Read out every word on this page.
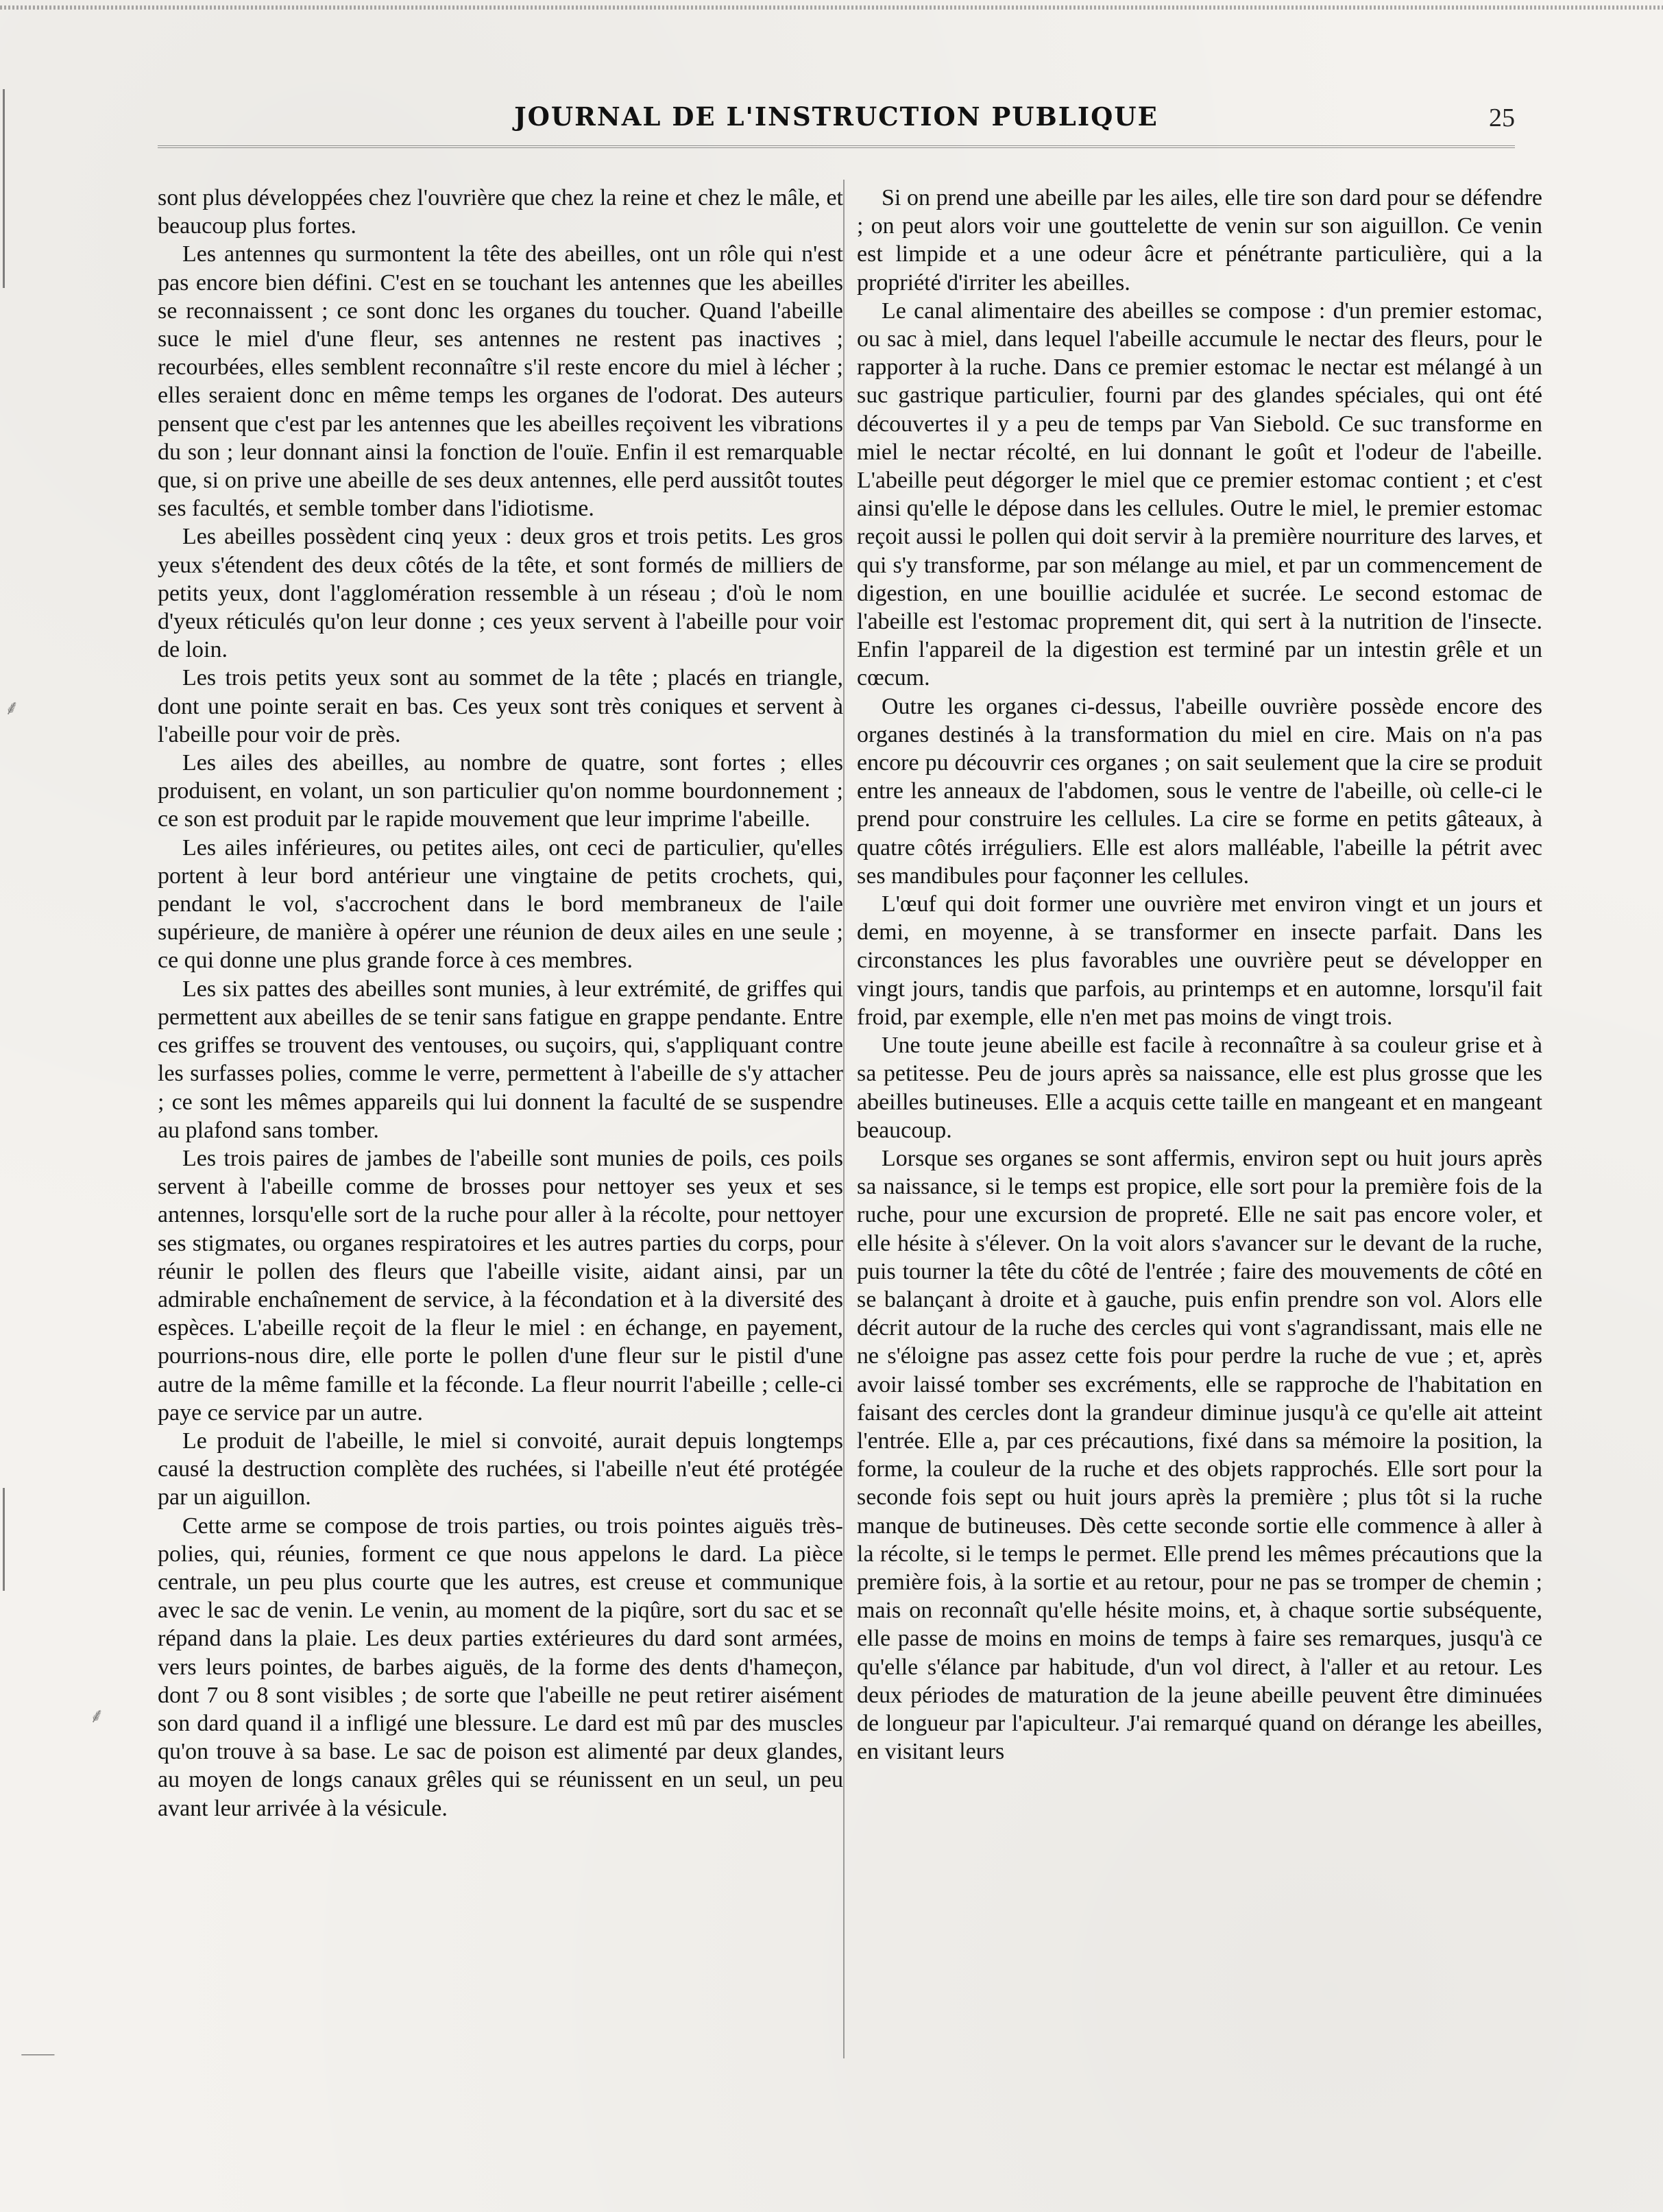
⸙
⸙
⸺
JOURNAL DE L'INSTRUCTION PUBLIQUE	25

sont plus développées chez l'ouvrière que chez la reine et chez le mâle, et beaucoup plus fortes.

Les antennes qu surmontent la tête des abeilles, ont un rôle qui n'est pas encore bien défini. C'est en se touchant les antennes que les abeilles se reconnaissent ; ce sont donc les organes du toucher. Quand l'abeille suce le miel d'une fleur, ses antennes ne restent pas inactives ; recourbées, elles semblent reconnaître s'il reste encore du miel à lécher ; elles seraient donc en même temps les organes de l'odorat. Des auteurs pensent que c'est par les antennes que les abeilles reçoivent les vibrations du son ; leur donnant ainsi la fonction de l'ouïe. Enfin il est remarquable que, si on prive une abeille de ses deux antennes, elle perd aussitôt toutes ses facultés, et semble tomber dans l'idiotisme.

Les abeilles possèdent cinq yeux : deux gros et trois petits. Les gros yeux s'étendent des deux côtés de la tête, et sont formés de milliers de petits yeux, dont l'agglomération ressemble à un réseau ; d'où le nom d'yeux réticulés qu'on leur donne ; ces yeux servent à l'abeille pour voir de loin.

Les trois petits yeux sont au sommet de la tête ; placés en triangle, dont une pointe serait en bas. Ces yeux sont très coniques et servent à l'abeille pour voir de près.

Les ailes des abeilles, au nombre de quatre, sont fortes ; elles produisent, en volant, un son particulier qu'on nomme bourdonnement ; ce son est produit par le rapide mouvement que leur imprime l'abeille.

Les ailes inférieures, ou petites ailes, ont ceci de particulier, qu'elles portent à leur bord antérieur une vingtaine de petits crochets, qui, pendant le vol, s'accrochent dans le bord membraneux de l'aile supérieure, de manière à opérer une réunion de deux ailes en une seule ; ce qui donne une plus grande force à ces membres.

Les six pattes des abeilles sont munies, à leur extrémité, de griffes qui permettent aux abeilles de se tenir sans fatigue en grappe pendante. Entre ces griffes se trouvent des ventouses, ou suçoirs, qui, s'appliquant contre les surfasses polies, comme le verre, permettent à l'abeille de s'y attacher ; ce sont les mêmes appareils qui lui donnent la faculté de se suspendre au plafond sans tomber.

Les trois paires de jambes de l'abeille sont munies de poils, ces poils servent à l'abeille comme de brosses pour nettoyer ses yeux et ses antennes, lorsqu'elle sort de la ruche pour aller à la récolte, pour nettoyer ses stigmates, ou organes respiratoires et les autres parties du corps, pour réunir le pollen des fleurs que l'abeille visite, aidant ainsi, par un admirable enchaînement de service, à la fécondation et à la diversité des espèces. L'abeille reçoit de la fleur le miel : en échange, en payement, pourrions-nous dire, elle porte le pollen d'une fleur sur le pistil d'une autre de la même famille et la féconde. La fleur nourrit l'abeille ; celle-ci paye ce service par un autre.

Le produit de l'abeille, le miel si convoité, aurait depuis longtemps causé la destruction complète des ruchées, si l'abeille n'eut été protégée par un aiguillon.

Cette arme se compose de trois parties, ou trois pointes aiguës très-polies, qui, réunies, forment ce que nous appelons le dard. La pièce centrale, un peu plus courte que les autres, est creuse et communique avec le sac de venin. Le venin, au moment de la piqûre, sort du sac et se répand dans la plaie. Les deux parties extérieures du dard sont armées, vers leurs pointes, de barbes aiguës, de la forme des dents d'hameçon, dont 7 ou 8 sont visibles ; de sorte que l'abeille ne peut retirer aisément son dard quand il a infligé une blessure. Le dard est mû par des muscles qu'on trouve à sa base. Le sac de poison est alimenté par deux glandes, au moyen de longs canaux grêles qui se réunissent en un seul, un peu avant leur arrivée à la vésicule.

Si on prend une abeille par les ailes, elle tire son dard pour se défendre ; on peut alors voir une gouttelette de venin sur son aiguillon. Ce venin est limpide et a une odeur âcre et pénétrante particulière, qui a la propriété d'irriter les abeilles.

Le canal alimentaire des abeilles se compose : d'un premier estomac, ou sac à miel, dans lequel l'abeille accumule le nectar des fleurs, pour le rapporter à la ruche. Dans ce premier estomac le nectar est mélangé à un suc gastrique particulier, fourni par des glandes spéciales, qui ont été découvertes il y a peu de temps par Van Siebold. Ce suc transforme en miel le nectar récolté, en lui donnant le goût et l'odeur de l'abeille. L'abeille peut dégorger le miel que ce premier estomac contient ; et c'est ainsi qu'elle le dépose dans les cellules. Outre le miel, le premier estomac reçoit aussi le pollen qui doit servir à la première nourriture des larves, et qui s'y transforme, par son mélange au miel, et par un commencement de digestion, en une bouillie acidulée et sucrée. Le second estomac de l'abeille est l'estomac proprement dit, qui sert à la nutrition de l'insecte. Enfin l'appareil de la digestion est terminé par un intestin grêle et un cœcum.

Outre les organes ci-dessus, l'abeille ouvrière possède encore des organes destinés à la transformation du miel en cire. Mais on n'a pas encore pu découvrir ces organes ; on sait seulement que la cire se produit entre les anneaux de l'abdomen, sous le ventre de l'abeille, où celle-ci le prend pour construire les cellules. La cire se forme en petits gâteaux, à quatre côtés irréguliers. Elle est alors malléable, l'abeille la pétrit avec ses mandibules pour façonner les cellules.

L'œuf qui doit former une ouvrière met environ vingt et un jours et demi, en moyenne, à se transformer en insecte parfait. Dans les circonstances les plus favorables une ouvrière peut se développer en vingt jours, tandis que parfois, au printemps et en automne, lorsqu'il fait froid, par exemple, elle n'en met pas moins de vingt trois.

Une toute jeune abeille est facile à reconnaître à sa couleur grise et à sa petitesse. Peu de jours après sa naissance, elle est plus grosse que les abeilles butineuses. Elle a acquis cette taille en mangeant et en mangeant beaucoup.

Lorsque ses organes se sont affermis, environ sept ou huit jours après sa naissance, si le temps est propice, elle sort pour la première fois de la ruche, pour une excursion de propreté. Elle ne sait pas encore voler, et elle hésite à s'élever. On la voit alors s'avancer sur le devant de la ruche, puis tourner la tête du côté de l'entrée ; faire des mouvements de côté en se balançant à droite et à gauche, puis enfin prendre son vol. Alors elle décrit autour de la ruche des cercles qui vont s'agrandissant, mais elle ne ne s'éloigne pas assez cette fois pour perdre la ruche de vue ; et, après avoir laissé tomber ses excréments, elle se rapproche de l'habitation en faisant des cercles dont la grandeur diminue jusqu'à ce qu'elle ait atteint l'entrée. Elle a, par ces précautions, fixé dans sa mémoire la position, la forme, la couleur de la ruche et des objets rapprochés. Elle sort pour la seconde fois sept ou huit jours après la première ; plus tôt si la ruche manque de butineuses. Dès cette seconde sortie elle commence à aller à la récolte, si le temps le permet. Elle prend les mêmes précautions que la première fois, à la sortie et au retour, pour ne pas se tromper de chemin ; mais on reconnaît qu'elle hésite moins, et, à chaque sortie subséquente, elle passe de moins en moins de temps à faire ses remarques, jusqu'à ce qu'elle s'élance par habitude, d'un vol direct, à l'aller et au retour. Les deux périodes de maturation de la jeune abeille peuvent être diminuées de longueur par l'apiculteur. J'ai remarqué quand on dérange les abeilles, en visitant leurs
